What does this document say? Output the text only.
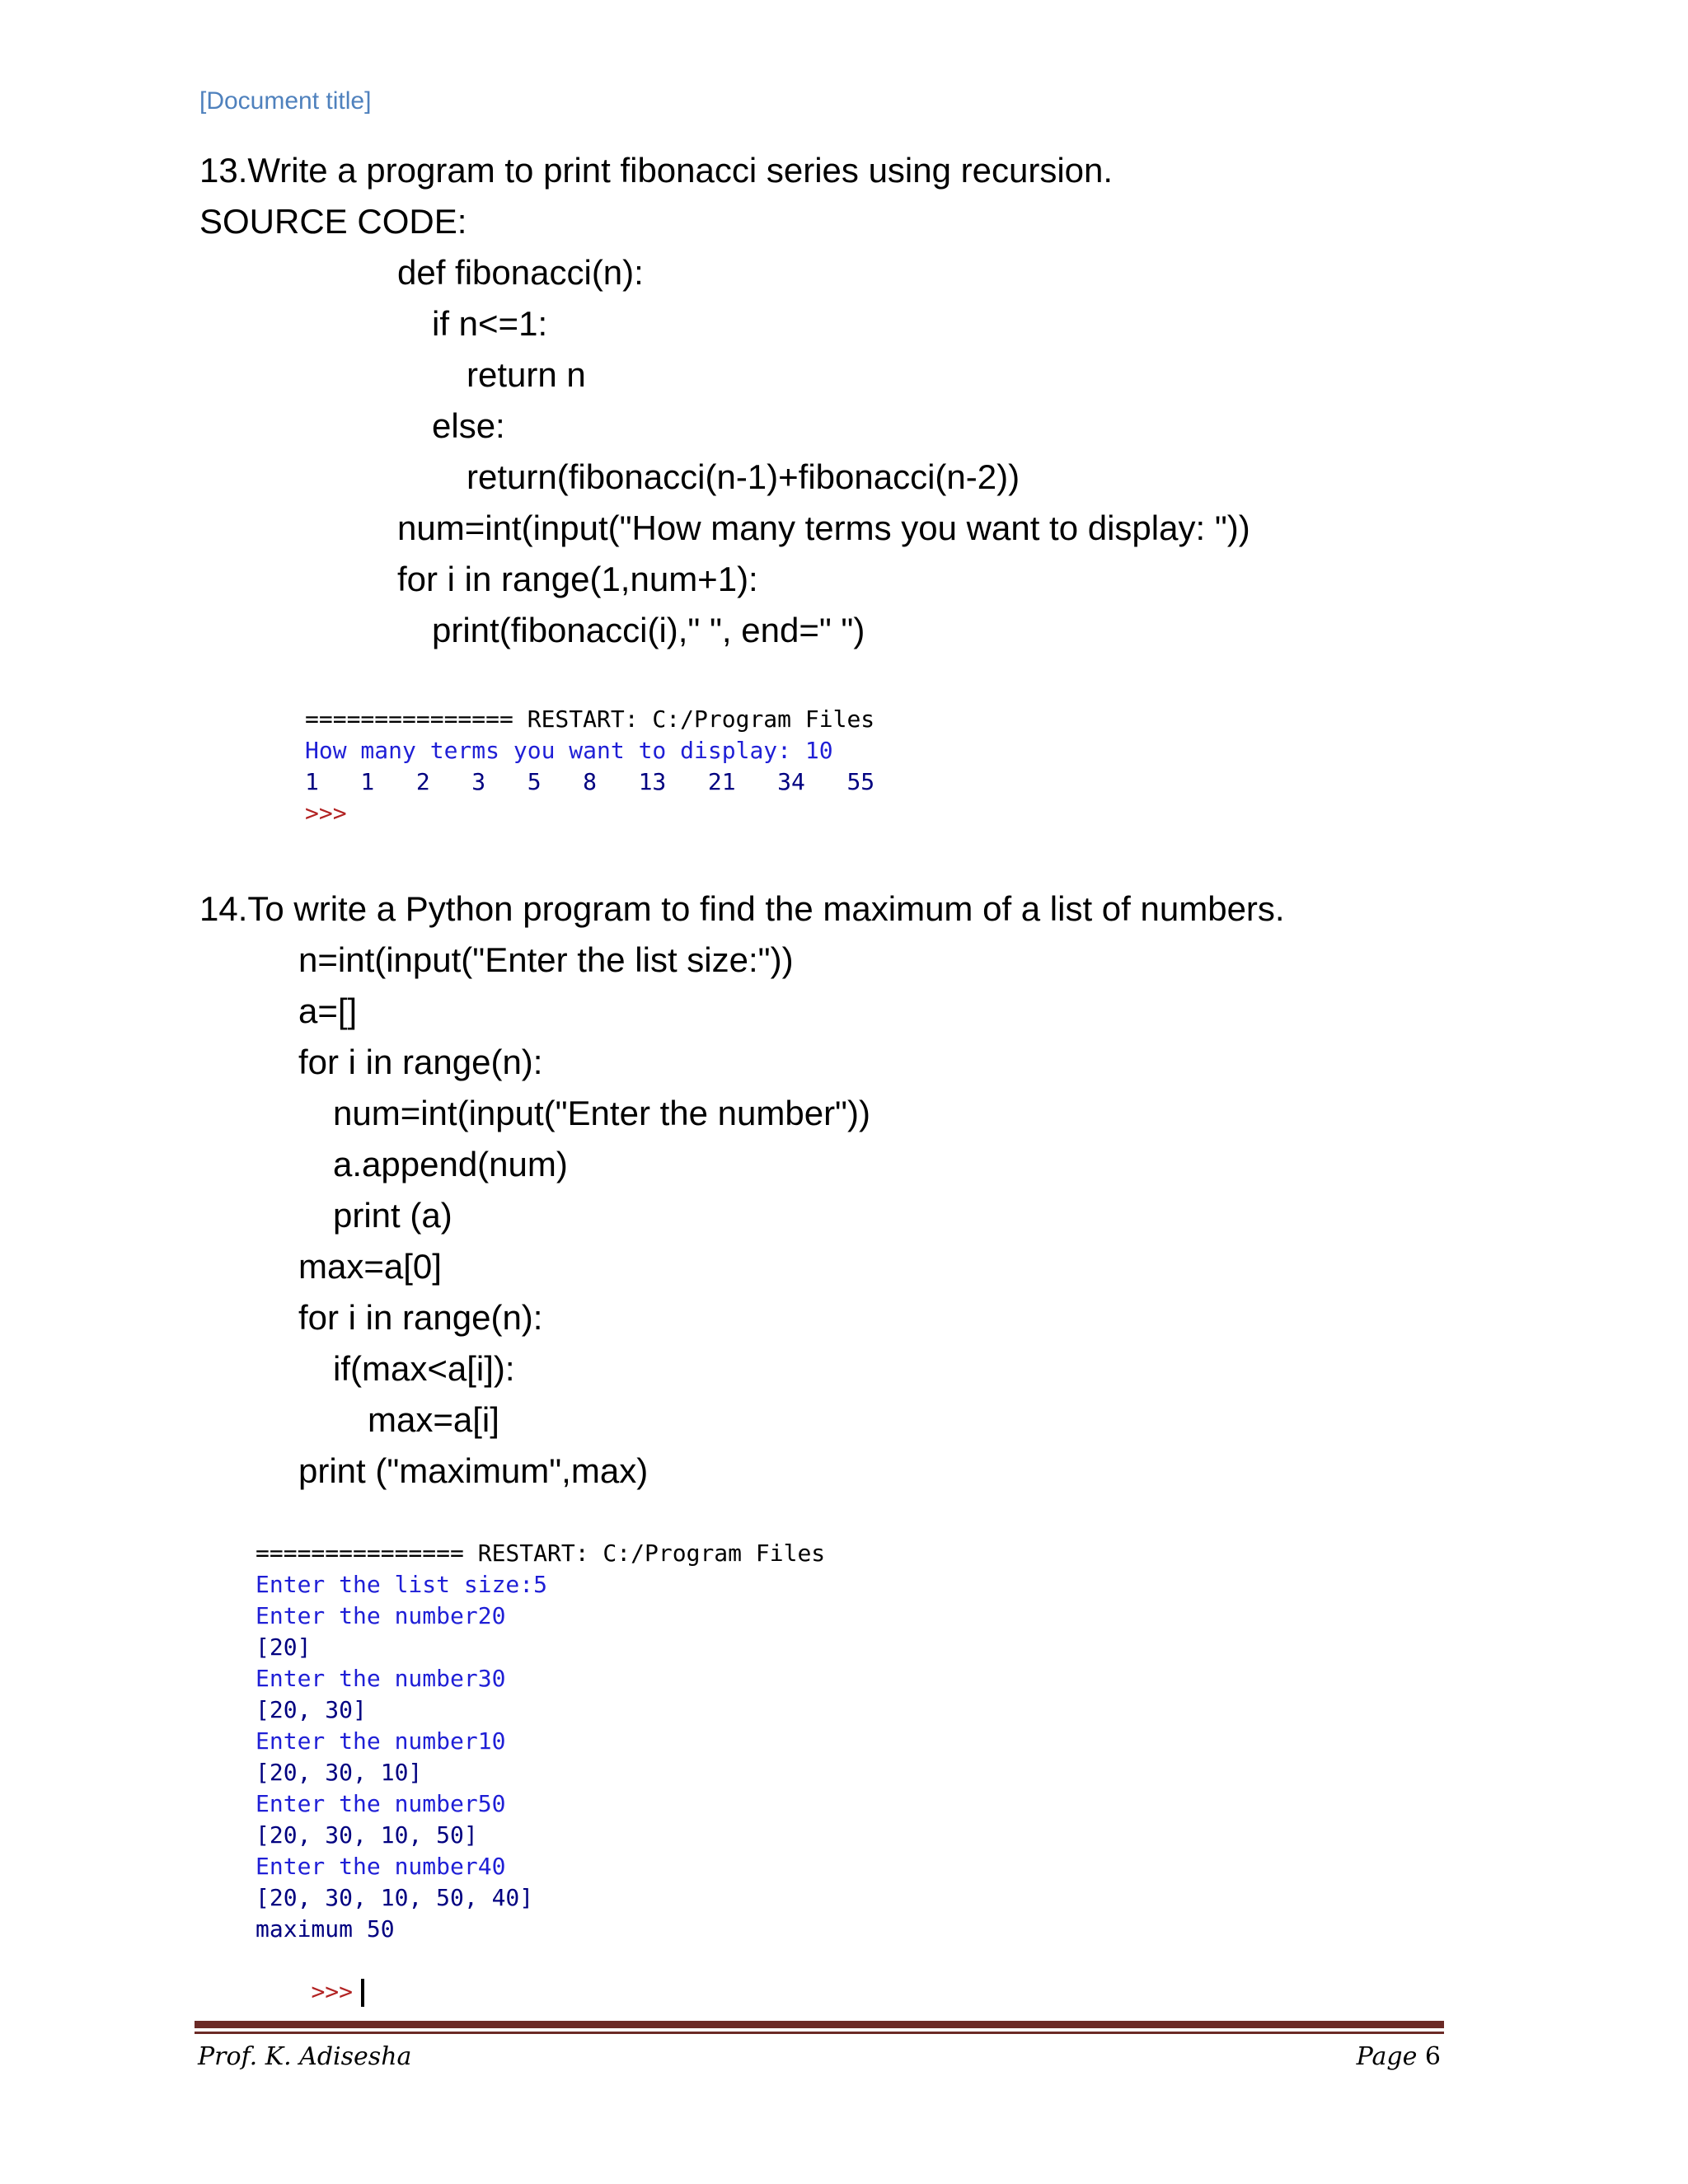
[Document title]
13.Write a program to print fibonacci series using recursion.
SOURCE CODE:
def fibonacci(n):
if n<=1:
return n
else:
return(fibonacci(n-1)+fibonacci(n-2))
num=int(input("How many terms you want to display: "))
for i in range(1,num+1):
print(fibonacci(i)," ", end=" ")
=============== RESTART: C:/Program Files
How many terms you want to display: 10
1   1   2   3   5   8   13   21   34   55
>>>
14.To write a Python program to find the maximum of a list of numbers.
n=int(input("Enter the list size:"))
a=[]
for i in range(n):
num=int(input("Enter the number"))
a.append(num)
print (a)
max=a[0]
for i in range(n):
if(max<a[i]):
max=a[i]
print ("maximum",max)
=============== RESTART: C:/Program Files
Enter the list size:5
Enter the number20
[20]
Enter the number30
[20, 30]
Enter the number10
[20, 30, 10]
Enter the number50
[20, 30, 10, 50]
Enter the number40
[20, 30, 10, 50, 40]
maximum 50

>>>

Prof. K. Adisesha	Page 6
